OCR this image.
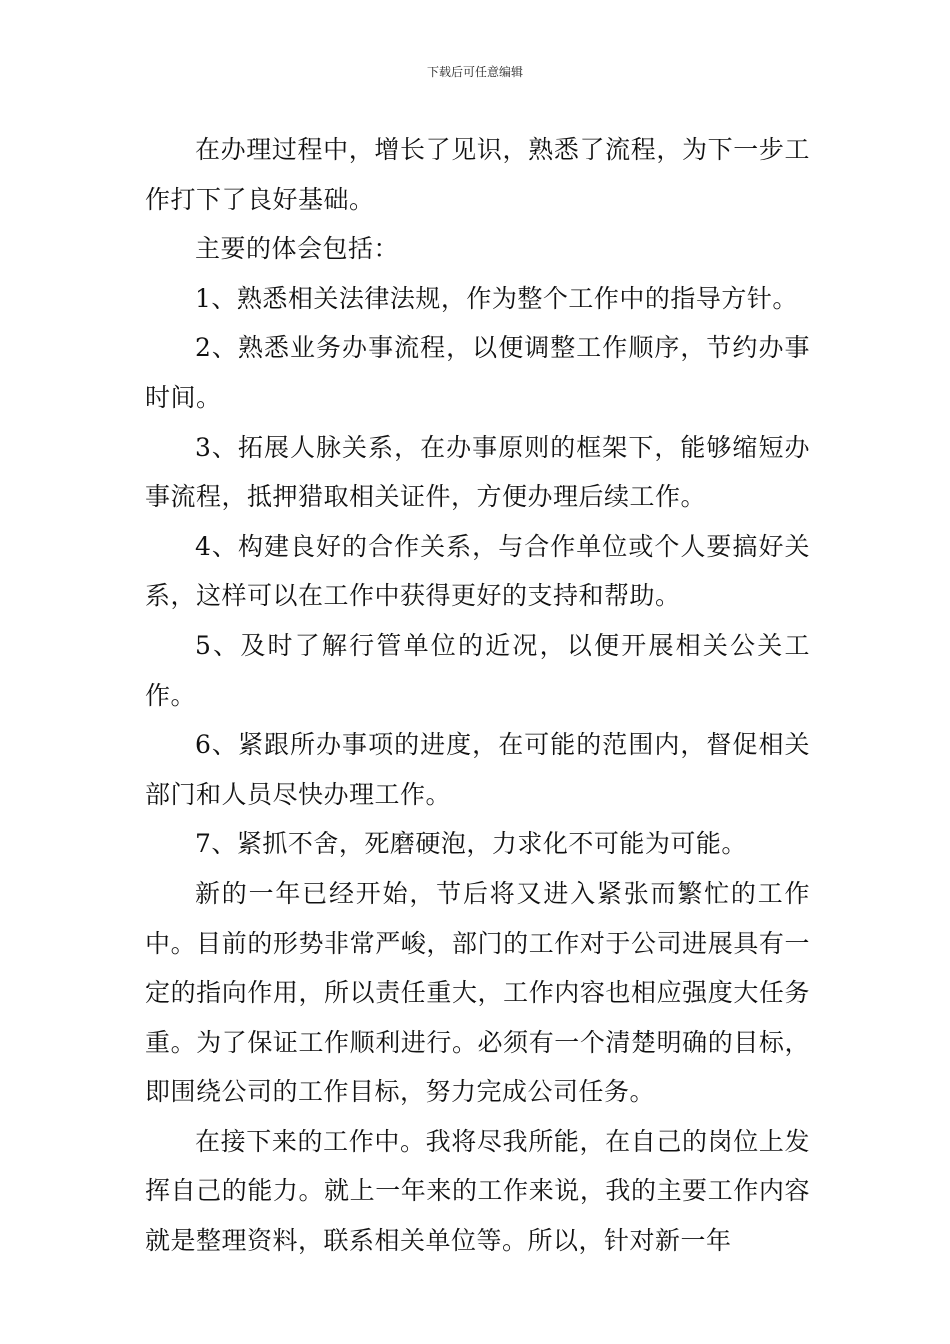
下载后可任意编辑

在办理过程中，增长了见识，熟悉了流程，为下一步工作打下了良好基础。

主要的体会包括：

1、熟悉相关法律法规，作为整个工作中的指导方针。

2、熟悉业务办事流程，以便调整工作顺序，节约办事时间。

3、拓展人脉关系，在办事原则的框架下，能够缩短办事流程，抵押猎取相关证件，方便办理后续工作。

4、构建良好的合作关系，与合作单位或个人要搞好关系，这样可以在工作中获得更好的支持和帮助。

5、及时了解行管单位的近况，以便开展相关公关工作。

6、紧跟所办事项的进度，在可能的范围内，督促相关部门和人员尽快办理工作。

7、紧抓不舍，死磨硬泡，力求化不可能为可能。

新的一年已经开始，节后将又进入紧张而繁忙的工作中。目前的形势非常严峻，部门的工作对于公司进展具有一定的指向作用，所以责任重大，工作内容也相应强度大任务重。为了保证工作顺利进行。必须有一个清楚明确的目标，即围绕公司的工作目标，努力完成公司任务。

在接下来的工作中。我将尽我所能，在自己的岗位上发挥自己的能力。就上一年来的工作来说，我的主要工作内容就是整理资料，联系相关单位等。所以，针对新一年
